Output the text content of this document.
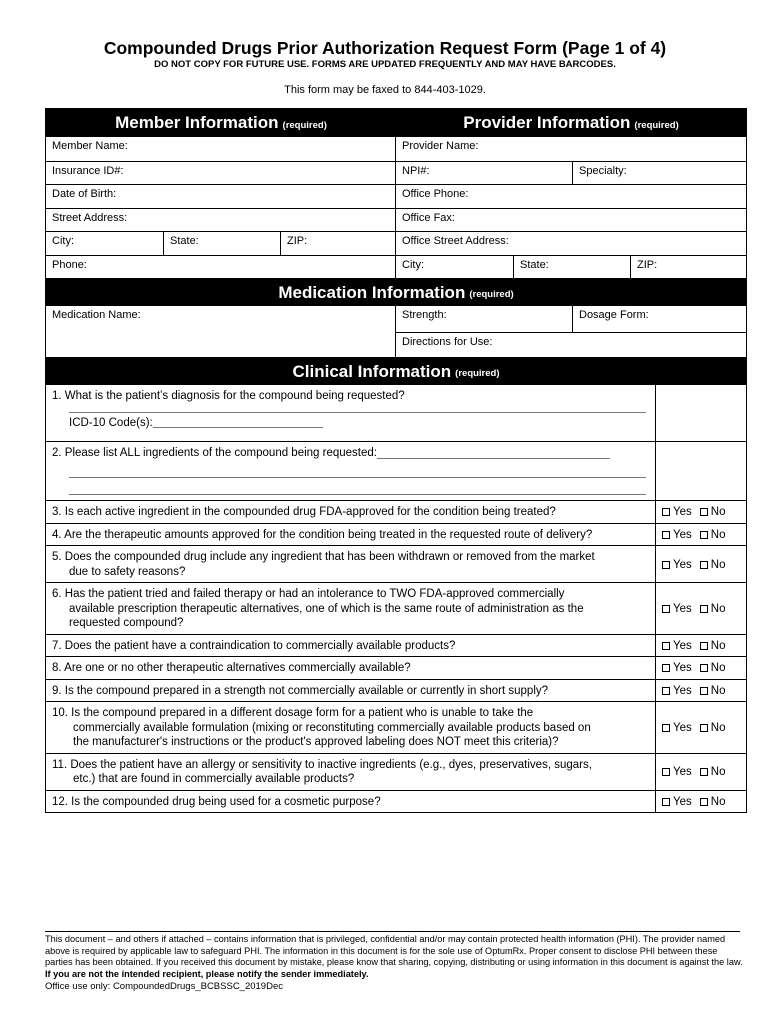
Compounded Drugs Prior Authorization Request Form (Page 1 of 4)
DO NOT COPY FOR FUTURE USE. FORMS ARE UPDATED FREQUENTLY AND MAY HAVE BARCODES.
This form may be faxed to 844-403-1029.
Member Information (required)	Provider Information (required)
Member Name:
Insurance ID#:
Date of Birth:
Street Address:
City:	State:	ZIP:
Phone:
Provider Name:
NPI#:	Specialty:
Office Phone:
Office Fax:
Office Street Address:
City:	State:	ZIP:
Medication Information (required)
Medication Name:	Strength:	Dosage Form:
Directions for Use:
Clinical Information (required)
1. What is the patient’s diagnosis for the compound being requested?
ICD-10 Code(s):
2. Please list ALL ingredients of the compound being requested:
3. Is each active ingredient in the compounded drug FDA-approved for the condition being treated?	Yes No
4. Are the therapeutic amounts approved for the condition being treated in the requested route of delivery?	Yes No
5. Does the compounded drug include any ingredient that has been withdrawn or removed from the market
due to safety reasons?
Yes No
6. Has the patient tried and failed therapy or had an intolerance to TWO FDA-approved commercially
available prescription therapeutic alternatives, one of which is the same route of administration as the
requested compound?
Yes No
7. Does the patient have a contraindication to commercially available products?	Yes No
8. Are one or no other therapeutic alternatives commercially available?	Yes No
9. Is the compound prepared in a strength not commercially available or currently in short supply?	Yes No
10. Is the compound prepared in a different dosage form for a patient who is unable to take the
commercially available formulation (mixing or reconstituting commercially available products based on
the manufacturer's instructions or the product's approved labeling does NOT meet this criteria)?
Yes No
11. Does the patient have an allergy or sensitivity to inactive ingredients (e.g., dyes, preservatives, sugars,
etc.) that are found in commercially available products?
Yes No
12. Is the compounded drug being used for a cosmetic purpose?	Yes No
This document – and others if attached – contains information that is privileged, confidential and/or may contain protected health information (PHI). The provider named above is required by applicable law to safeguard PHI. The information in this document is for the sole use of OptumRx. Proper consent to disclose PHI between these parties has been obtained. If you received this document by mistake, please know that sharing, copying, distributing or using information in this document is against the law. If you are not the intended recipient, please notify the sender immediately.
Office use only: CompoundedDrugs_BCBSSC_2019Dec
